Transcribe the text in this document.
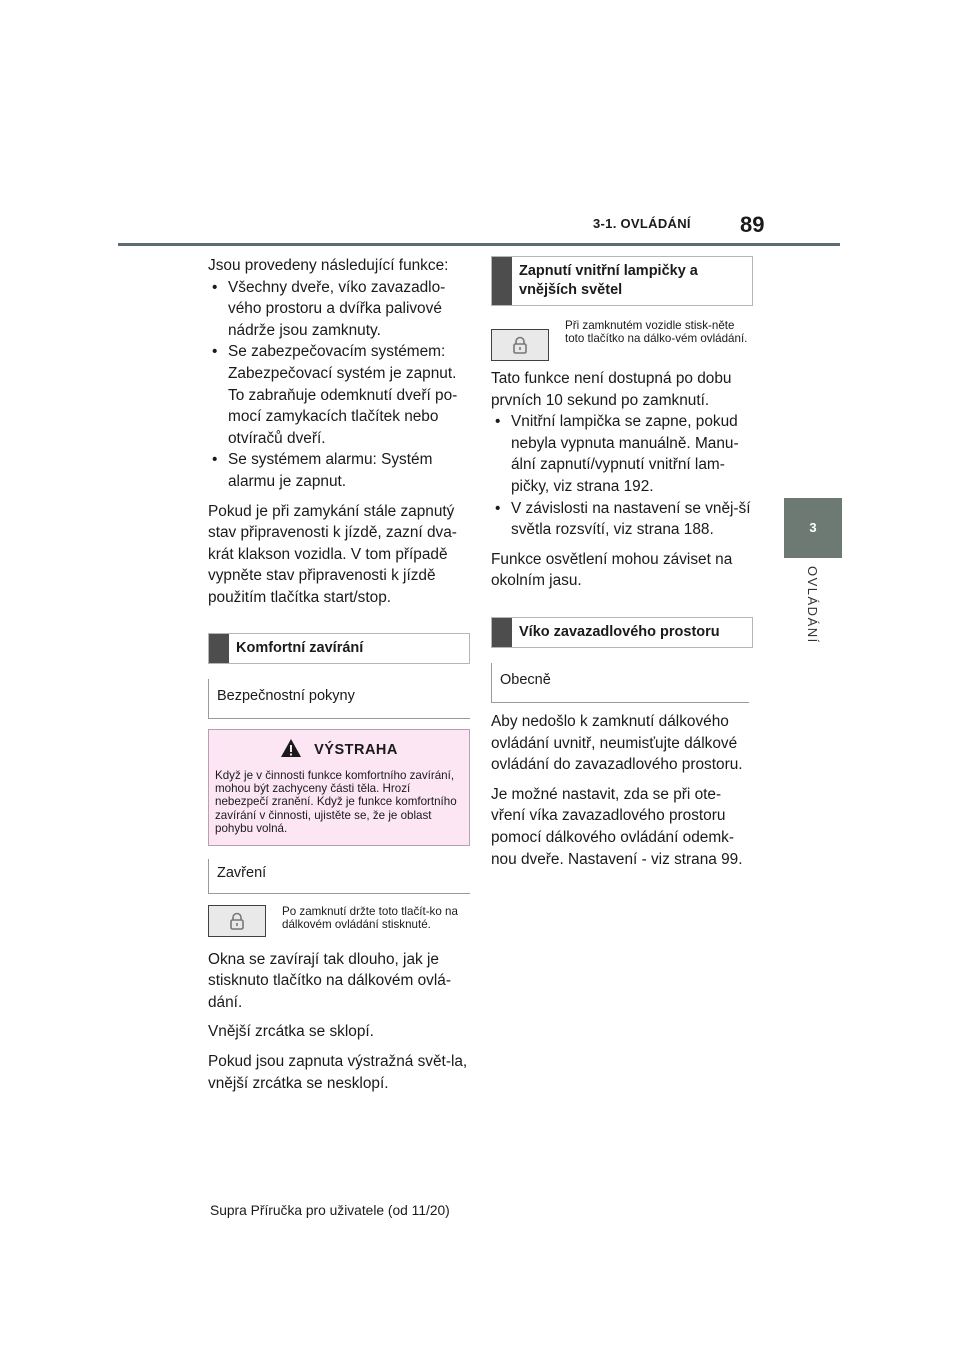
3-1. OVLÁDÁNÍ 89
3
OVLÁDÁNÍ

Jsou provedeny následující funkce:

• Všechny dveře, víko zavazadlo-vého prostoru a dvířka palivové nádrže jsou zamknuty.
• Se zabezpečovacím systémem: Zabezpečovací systém je zapnut. To zabraňuje odemknutí dveří po-mocí zamykacích tlačítek nebo otvíračů dveří.
• Se systémem alarmu: Systém alarmu je zapnut.

Pokud je při zamykání stále zapnutý stav připravenosti k jízdě, zazní dva-krát klakson vozidla. V tom případě vypněte stav připravenosti k jízdě použitím tlačítka start/stop.

Komfortní zavírání
Bezpečnostní pokyny
VÝSTRAHA
Když je v činnosti funkce komfortního zavírání, mohou být zachyceny části těla. Hrozí nebezpečí zranění. Když je funkce komfortního zavírání v činnosti, ujistěte se, že je oblast pohybu volná.
Zavření
Po zamknutí držte toto tlačít-ko na dálkovém ovládání stisknuté.

Okna se zavírají tak dlouho, jak je stisknuto tlačítko na dálkovém ovlá-dání.

Vnější zrcátka se sklopí.

Pokud jsou zapnuta výstražná svět-la, vnější zrcátka se nesklopí.

Zapnutí vnitřní lampičky a vnějších světel
Při zamknutém vozidle stisk-něte toto tlačítko na dálko-vém ovládání.

Tato funkce není dostupná po dobu prvních 10 sekund po zamknutí.

• Vnitřní lampička se zapne, pokud nebyla vypnuta manuálně. Manu-ální zapnutí/vypnutí vnitřní lam-pičky, viz strana 192.
• V závislosti na nastavení se vněj-ší světla rozsvítí, viz strana 188.

Funkce osvětlení mohou záviset na okolním jasu.

Víko zavazadlového prostoru
Obecně

Aby nedošlo k zamknutí dálkového ovládání uvnitř, neumisťujte dálkové ovládání do zavazadlového prostoru.

Je možné nastavit, zda se při ote-vření víka zavazadlového prostoru pomocí dálkového ovládání odemk-nou dveře. Nastavení - viz strana 99.

Supra Příručka pro uživatele (od 11/20)
